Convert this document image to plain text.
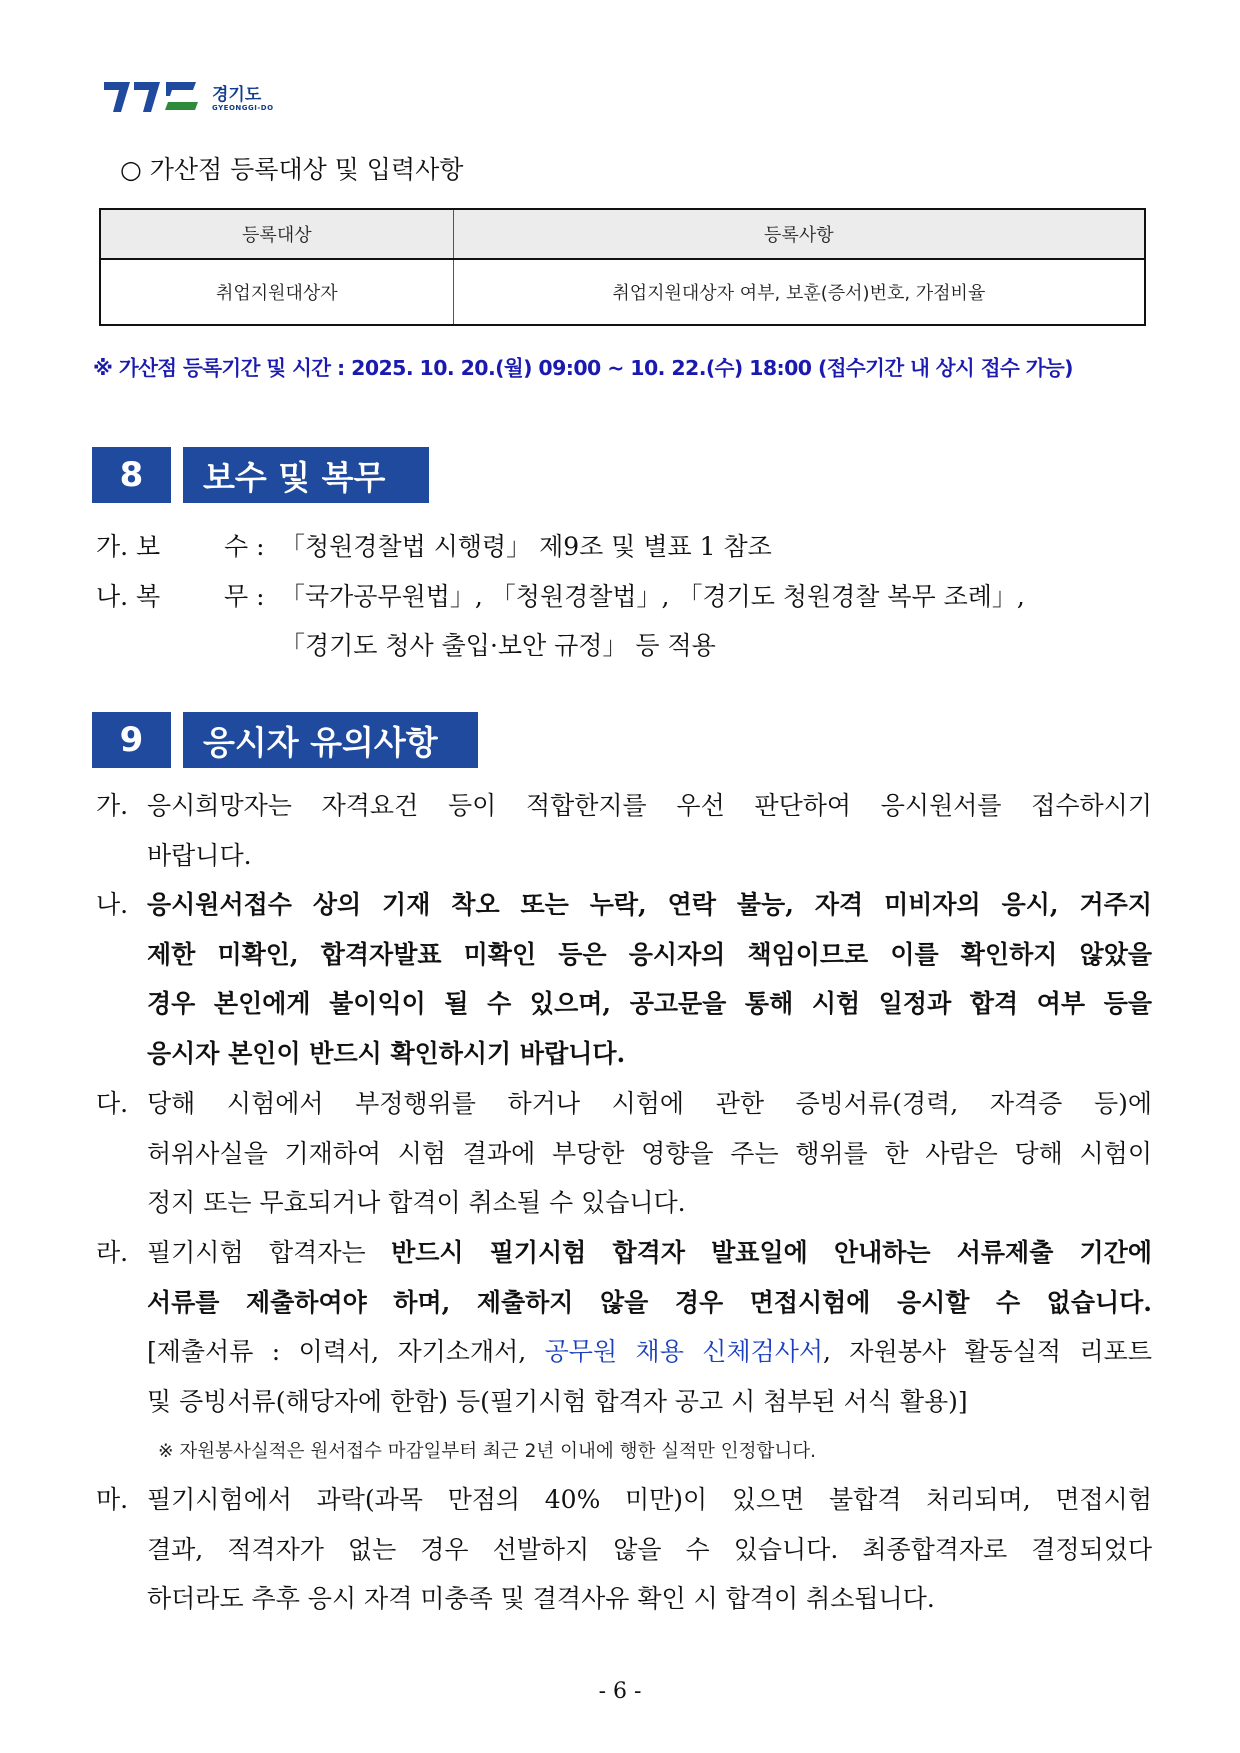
경기도
GYEONGGI-DO
○ 가산점 등록대상 및 입력사항
등록대상	등록사항
취업지원대상자	취업지원대상자 여부, 보훈(증서)번호, 가점비율
※ 가산점 등록기간 및 시간 : 2025. 10. 20.(월) 09:00 ~ 10. 22.(수) 18:00 (접수기간 내 상시 접수 가능)
8	보수 및 복무
가. 보	수 : 「청원경찰법 시행령」 제9조 및 별표 1 참조
나. 복	무 : 「국가공무원법」, 「청원경찰법」, 「경기도 청원경찰 복무 조례」,
「경기도 청사 출입·보안 규정」 등 적용
9	응시자 유의사항
가. 응시희망자는 자격요건 등이 적합한지를 우선 판단하여 응시원서를 접수하시기
바랍니다.
나. 응시원서접수 상의 기재 착오 또는 누락, 연락 불능, 자격 미비자의 응시, 거주지
제한 미확인, 합격자발표 미확인 등은 응시자의 책임이므로 이를 확인하지 않았을
경우 본인에게 불이익이 될 수 있으며, 공고문을 통해 시험 일정과 합격 여부 등을
응시자 본인이 반드시 확인하시기 바랍니다.
다. 당해 시험에서 부정행위를 하거나 시험에 관한 증빙서류(경력, 자격증 등)에
허위사실을 기재하여 시험 결과에 부당한 영향을 주는 행위를 한 사람은 당해 시험이
정지 또는 무효되거나 합격이 취소될 수 있습니다.
라. 필기시험 합격자는 반드시 필기시험 합격자 발표일에 안내하는 서류제출 기간에
서류를 제출하여야 하며, 제출하지 않을 경우 면접시험에 응시할 수 없습니다.
[제출서류 : 이력서, 자기소개서, 공무원 채용 신체검사서, 자원봉사 활동실적 리포트
및 증빙서류(해당자에 한함) 등(필기시험 합격자 공고 시 첨부된 서식 활용)]
※ 자원봉사실적은 원서접수 마감일부터 최근 2년 이내에 행한 실적만 인정합니다.
마. 필기시험에서 과락(과목 만점의 40% 미만)이 있으면 불합격 처리되며, 면접시험
결과, 적격자가 없는 경우 선발하지 않을 수 있습니다. 최종합격자로 결정되었다
하더라도 추후 응시 자격 미충족 및 결격사유 확인 시 합격이 취소됩니다.
- 6 -
